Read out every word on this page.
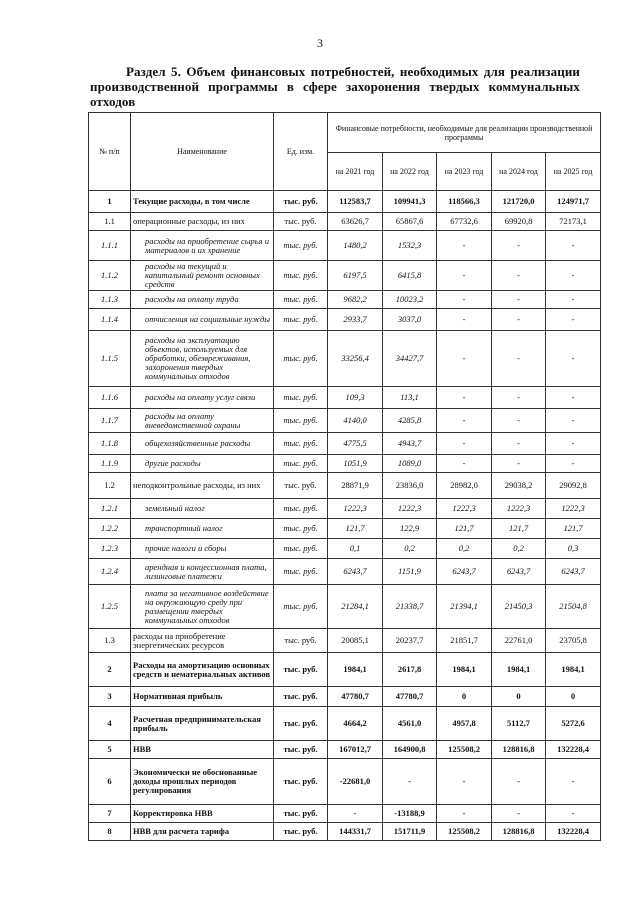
3
Раздел 5. Объем финансовых потребностей, необходимых для реализации производственной программы в сфере захоронения твердых коммунальных отходов
№ п/п	Наименование	Ед. изм.	Финансовые потребности, необходимые для реализации производственной программы				
			на 2021 год	на 2022 год	на 2023 год	на 2024 год	на 2025 год
1	Текущие расходы, в том числе	тыс. руб.	112583,7	109941,3	118566,3	121720,0	124971,7
1.1	операционные расходы, из них	тыс. руб.	63626,7	65867,6	67732,6	69920,8	72173,1
1.1.1	расходы на приобретение сырья и материалов и их хранение	тыс. руб.	1480,2	1532,3	-	-	-
1.1.2	расходы на текущий и капитальный ремонт основных средств	тыс. руб.	6197,5	6415,8	-	-	-
1.1.3	расходы на оплату труда	тыс. руб.	9682,2	10023,2	-	-	-
1.1.4	отчисления на социальные нужды	тыс. руб.	2933,7	3037,0	-	-	-
1.1.5	расходы на эксплуатацию объектов, используемых для обработки, обезвреживания, захоронения твердых коммунальных отходов	тыс. руб.	33256,4	34427,7	-	-	-
1.1.6	расходы на оплату услуг связи	тыс. руб.	109,3	113,1	-	-	-
1.1.7	расходы на оплату вневедомственной охраны	тыс. руб.	4140,0	4285,8	-	-	-
1.1.8	общехозяйственные расходы	тыс. руб.	4775,5	4943,7	-	-	-
1.1.9	другие расходы	тыс. руб.	1051,9	1089,0	-	-	-
1.2	неподконтрольные расходы, из них	тыс. руб.	28871,9	23836,0	28982,0	29038,2	29092,8
1.2.1	земельный налог	тыс. руб.	1222,3	1222,3	1222,3	1222,3	1222,3
1.2.2	транспортный налог	тыс. руб.	121,7	122,9	121,7	121,7	121,7
1.2.3	прочие налоги и сборы	тыс. руб.	0,1	0,2	0,2	0,2	0,3
1.2.4	арендная и концессионная плата, лизинговые платежи	тыс. руб.	6243,7	1151,9	6243,7	6243,7	6243,7
1.2.5	плата за негативное воздействие на окружающую среду при размещении твердых коммунальных отходов	тыс. руб.	21284,1	21338,7	21394,1	21450,3	21504,8
1.3	расходы на приобретение энергетических ресурсов	тыс. руб.	20085,1	20237,7	21851,7	22761,0	23705,8
2	Расходы на амортизацию основных средств и нематериальных активов	тыс. руб.	1984,1	2617,8	1984,1	1984,1	1984,1
3	Нормативная прибыль	тыс. руб.	47780,7	47780,7	0	0	0
4	Расчетная предпринимательская прибыль	тыс. руб.	4664,2	4561,0	4957,8	5112,7	5272,6
5	НВВ	тыс. руб.	167012,7	164900,8	125508,2	128816,8	132228,4
6	Экономически не обоснованные доходы прошлых периодов регулирования	тыс. руб.	-22681,0	-	-	-	-
7	Корректировка НВВ	тыс. руб.	-	-13188,9	-	-	-
8	НВВ для расчета тарифа	тыс. руб.	144331,7	151711,9	125508,2	128816,8	132228,4
